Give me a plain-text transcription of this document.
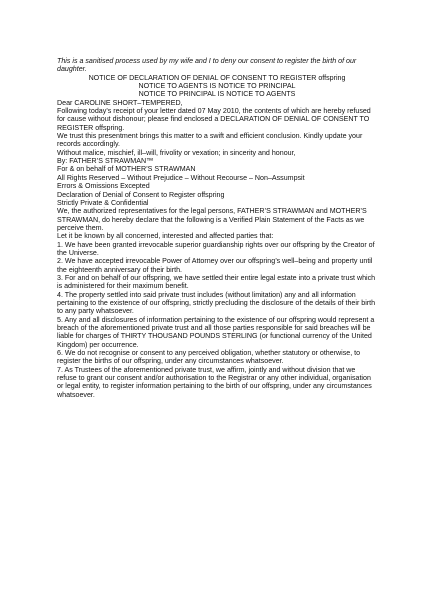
This is a sanitised process used by my wife and I to deny our consent to register the birth of our daughter.

NOTICE OF DECLARATION OF DENIAL OF CONSENT TO REGISTER offspring

NOTICE TO AGENTS IS NOTICE TO PRINCIPAL

NOTICE TO PRINCIPAL IS NOTICE TO AGENTS

Dear CAROLINE SHORT–TEMPERED,

Following today’s receipt of your letter dated 07 May 2010, the contents of which are hereby refused for cause without dishonour; please find enclosed a DECLARATION OF DENIAL OF CONSENT TO REGISTER offspring.

We trust this presentment brings this matter to a swift and efficient conclusion. Kindly update your records accordingly.

Without malice, mischief, ill–will, frivolity or vexation; in sincerity and honour,

By: FATHER’S STRAWMAN™

For & on behalf of MOTHER’S STRAWMAN

All Rights Reserved – Without Prejudice – Without Recourse – Non–Assumpsit

Errors & Omissions Excepted

Declaration of Denial of Consent to Register offspring

Strictly Private & Confidential

We, the authorized representatives for the legal persons, FATHER’S STRAWMAN and MOTHER’S STRAWMAN, do hereby declare that the following is a Verified Plain Statement of the Facts as we perceive them.

Let it be known by all concerned, interested and affected parties that:

1. We have been granted irrevocable superior guardianship rights over our offspring by the Creator of the Universe.

2. We have accepted irrevocable Power of Attorney over our offspring’s well–being and property until the eighteenth anniversary of their birth.

3. For and on behalf of our offspring, we have settled their entire legal estate into a private trust which is administered for their maximum benefit.

4. The property settled into said private trust includes (without limitation) any and all information pertaining to the existence of our offspring, strictly precluding the disclosure of the details of their birth to any party whatsoever.

5. Any and all disclosures of information pertaining to the existence of our offspring would represent a breach of the aforementioned private trust and all those parties responsible for said breaches will be liable for charges of THIRTY THOUSAND POUNDS STERLING (or functional currency of the United Kingdom) per occurrence.

6. We do not recognise or consent to any perceived obligation, whether statutory or otherwise, to register the births of our offspring, under any circumstances whatsoever.

7. As Trustees of the aforementioned private trust, we affirm, jointly and without division that we refuse to grant our consent and/or authorisation to the Registrar or any other individual, organisation or legal entity, to register information pertaining to the birth of our offspring, under any circumstances whatsoever.
